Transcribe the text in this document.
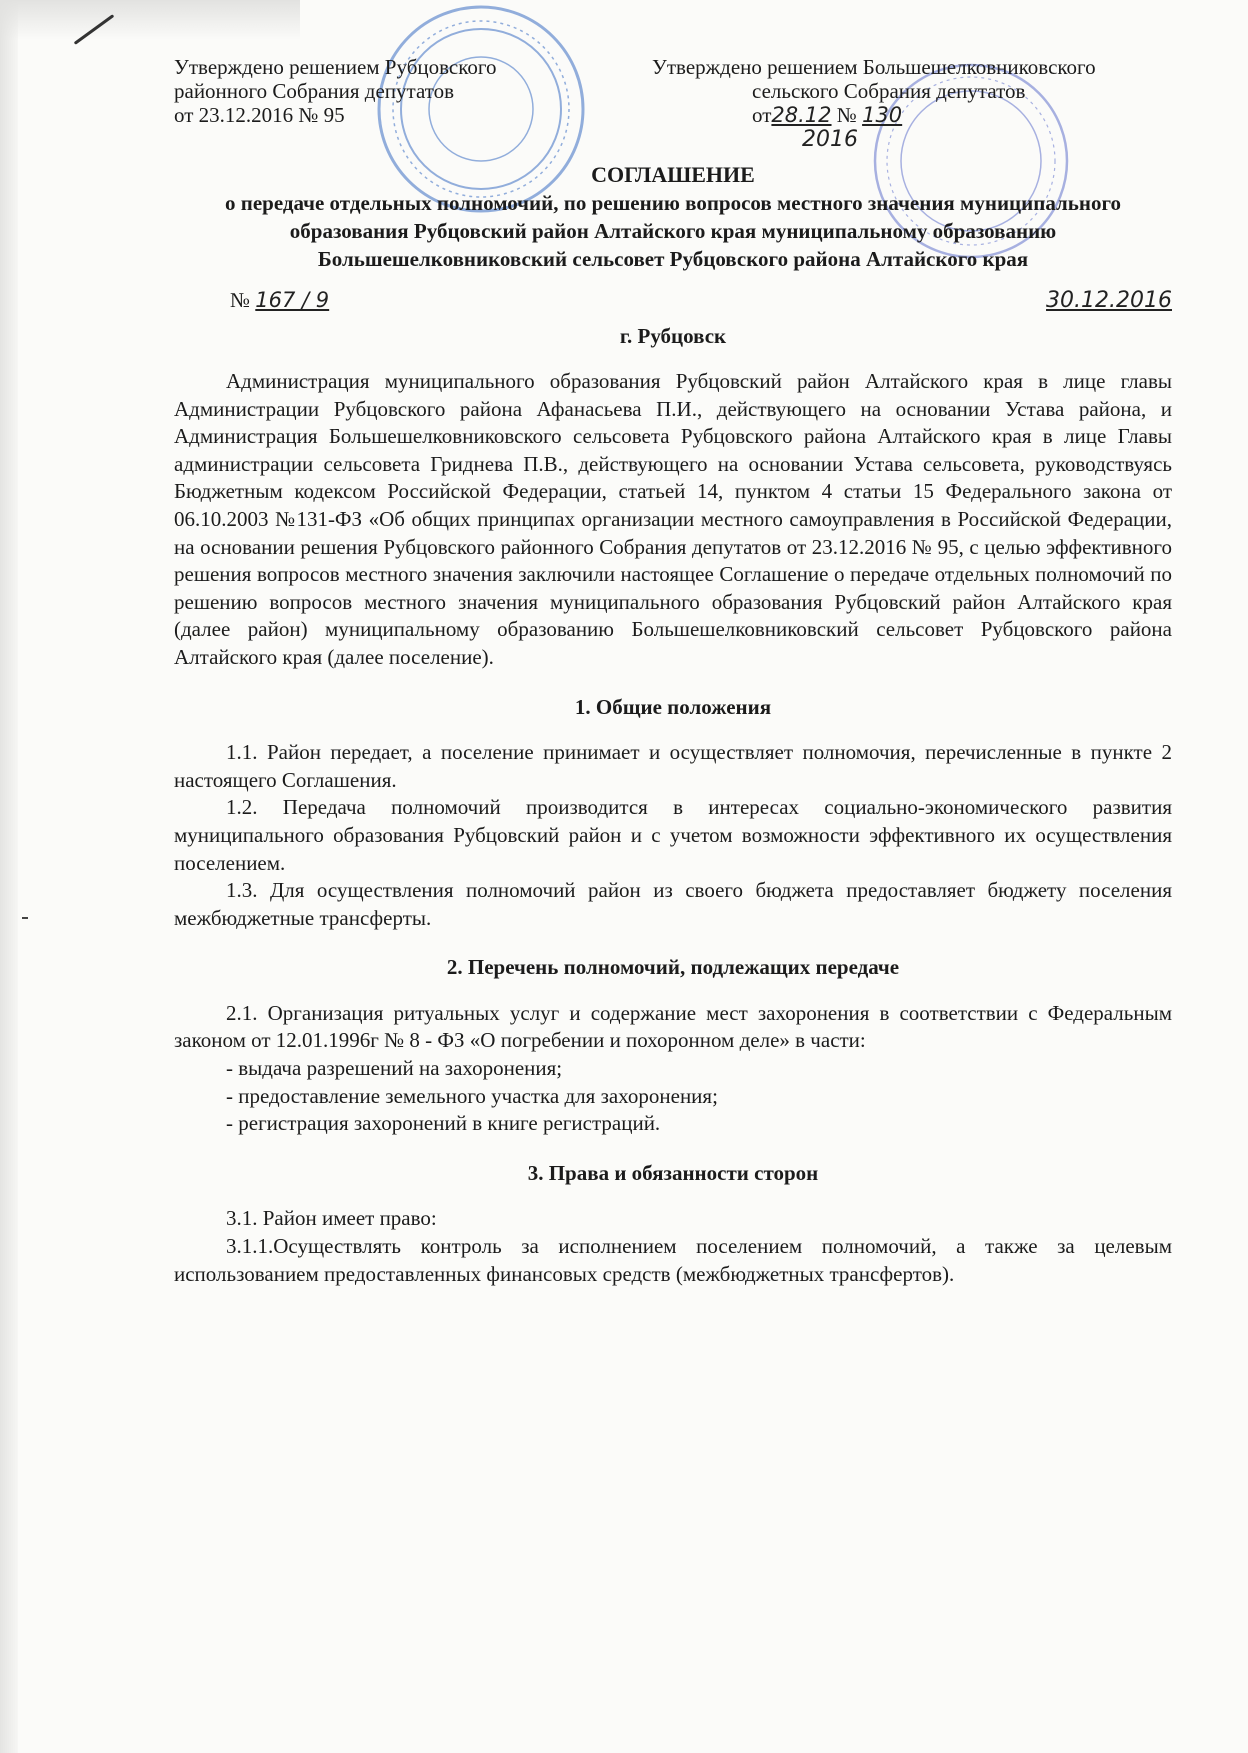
Утверждено решением Рубцовского
районного Собрания депутатов
от 23.12.2016 № 95
Утверждено решением Большешелковниковского
сельского Собрания депутатов
от28.12 № 130
2016
СОГЛАШЕНИЕ
о передаче отдельных полномочий, по решению вопросов местного значения муниципального образования Рубцовский район Алтайского края муниципальному образованию Большешелковниковский сельсовет Рубцовского района Алтайского края
№ 167 / 9	30.12.2016
г. Рубцовск

Администрация муниципального образования Рубцовский район Алтайского края в лице главы Администрации Рубцовского района Афанасьева П.И., действующего на основании Устава района, и Администрация Большешелковниковского сельсовета Рубцовского района Алтайского края в лице Главы администрации сельсовета Гриднева П.В., действующего на основании Устава сельсовета, руководствуясь Бюджетным кодексом Российской Федерации, статьей 14, пунктом 4 статьи 15 Федерального закона от 06.10.2003 №131-ФЗ «Об общих принципах организации местного самоуправления в Российской Федерации, на основании решения Рубцовского районного Собрания депутатов от 23.12.2016 № 95, с целью эффективного решения вопросов местного значения заключили настоящее Соглашение о передаче отдельных полномочий по решению вопросов местного значения муниципального образования Рубцовский район Алтайского края (далее район) муниципальному образованию Большешелковниковский сельсовет Рубцовского района Алтайского края (далее поселение).

1. Общие положения

1.1. Район передает, а поселение принимает и осуществляет полномочия, перечисленные в пункте 2 настоящего Соглашения.

1.2. Передача полномочий производится в интересах социально-экономического развития муниципального образования Рубцовский район и с учетом возможности эффективного их осуществления поселением.

1.3. Для осуществления полномочий район из своего бюджета предоставляет бюджету поселения межбюджетные трансферты.

2. Перечень полномочий, подлежащих передаче

2.1. Организация ритуальных услуг и содержание мест захоронения в соответствии с Федеральным законом от 12.01.1996г № 8 - ФЗ «О погребении и похоронном деле» в части:

- выдача разрешений на захоронения;

- предоставление земельного участка для захоронения;

- регистрация захоронений в книге регистраций.

3. Права и обязанности сторон

3.1. Район имеет право:

3.1.1.Осуществлять контроль за исполнением поселением полномочий, а также за целевым использованием предоставленных финансовых средств (межбюджетных трансфертов).
